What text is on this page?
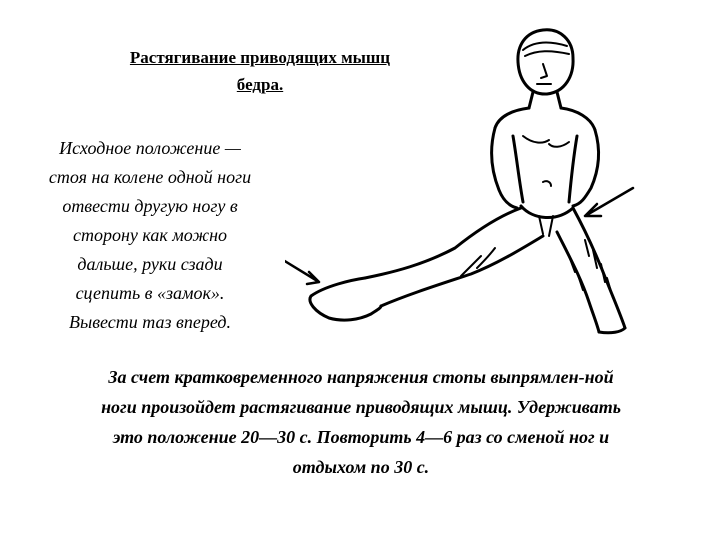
Растягивание приводящих мышц
бедра.
Исходное положение —
стоя на колене одной ноги
отвести другую ногу в
сторону как можно
дальше, руки сзади
сцепить в «замок».
Вывести таз вперед.
За счет кратковременного напряжения стопы выпрямлен-ной
ноги произойдет растягивание приводящих мышц. Удерживать
это положение 20—30 с. Повторить 4—6 раз со сменой ног и
отдыхом по 30 с.
